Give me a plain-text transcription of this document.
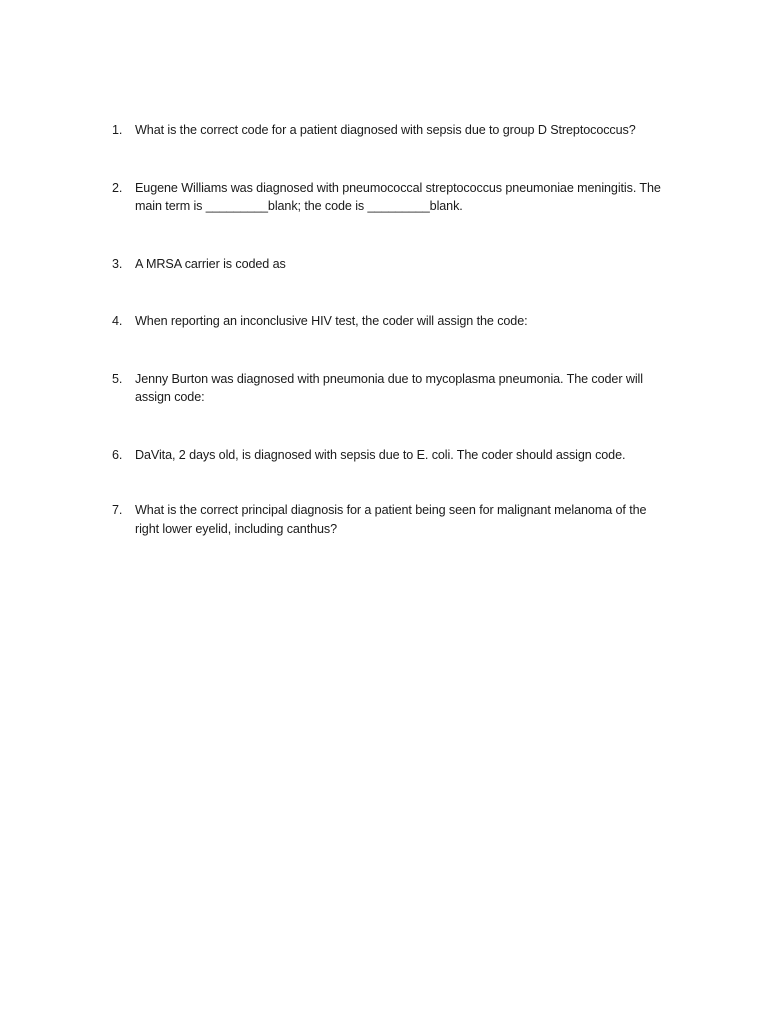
1.	What is the correct code for a patient diagnosed with sepsis due to group D Streptococcus?
2.	Eugene Williams was diagnosed with pneumococcal streptococcus pneumoniae meningitis. The
main term is _________blank; the code is _________blank.
3.	A MRSA carrier is coded as
4.	When reporting an inconclusive HIV test, the coder will assign the code:
5.	Jenny Burton was diagnosed with pneumonia due to mycoplasma pneumonia. The coder will
assign code:
6.	DaVita, 2 days old, is diagnosed with sepsis due to E. coli. The coder should assign code.
7.	What is the correct principal diagnosis for a patient being seen for malignant melanoma of the
right lower eyelid, including canthus?
